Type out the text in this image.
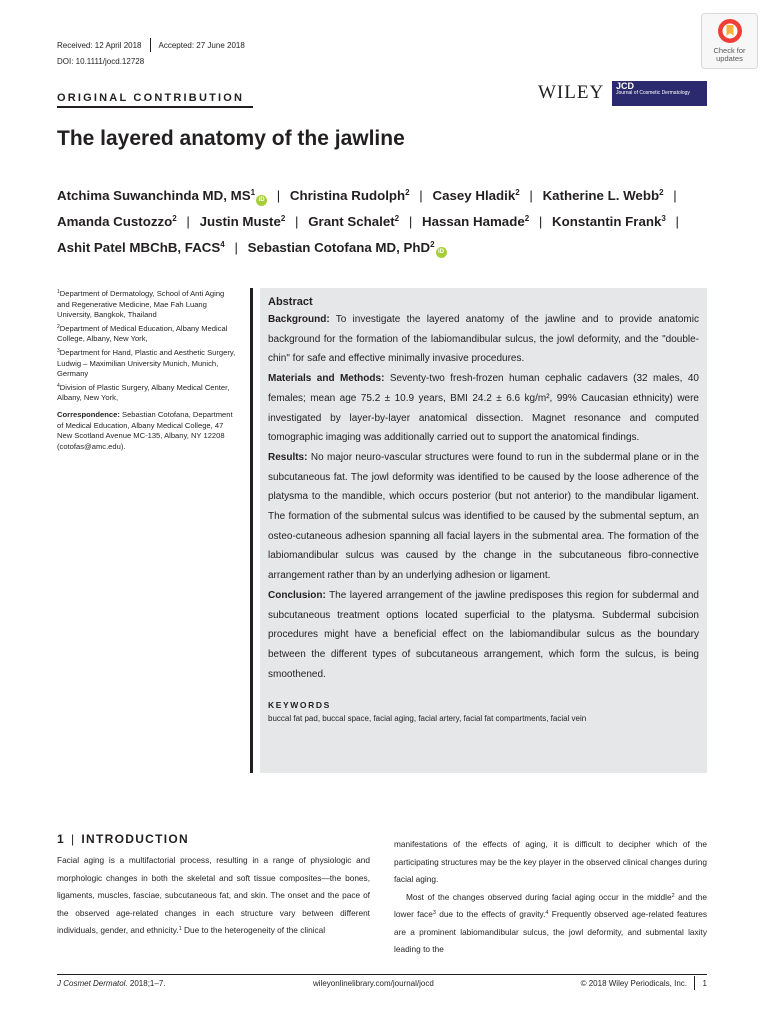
Received: 12 April 2018 Accepted: 27 June 2018
DOI: 10.1111/jocd.12728
Check for updates
ORIGINAL CONTRIBUTION	WILEY JCD
Journal of Cosmetic Dermatology
The layered anatomy of the jawline
Atchima Suwanchinda MD, $MS^1iD$ | Christina Rudolph$^2$ | Casey Hladik$^2$ | Katherine L. Webb$^2$ | Amanda Custozzo$^2$ | Justin Muste$^2$ | Grant Schalet$^2$ | Hassan Hamade$^2$ | Konstantin Frank$^3$ | Ashit Patel MBChB, FACS$^4$ | Sebastian Cotofana MD, PhD$^2$iD

$^1$Department of Dermatology, School of Anti Aging and Regenerative Medicine, Mae Fah Luang University, Bangkok, Thailand

$^2$Department of Medical Education, Albany Medical College, Albany, New York,

$^3$Department for Hand, Plastic and Aesthetic Surgery, Ludwig – Maximilian University Munich, Munich, Germany

$^4$Division of Plastic Surgery, Albany Medical Center, Albany, New York,

Correspondence: Sebastian Cotofana, Department of Medical Education, Albany Medical College, 47 New Scotland Avenue MC-135, Albany, NY 12208 (cotofas@amc.edu).

Abstract

Background: To investigate the layered anatomy of the jawline and to provide anatomic background for the formation of the labiomandibular sulcus, the jowl deformity, and the "double-chin" for safe and effective minimally invasive procedures.

Materials and Methods: Seventy-two fresh-frozen human cephalic cadavers (32 males, 40 females; mean age 75.2 ± 10.9 years, BMI 24.2 ± 6.6 kg/m², 99% Caucasian ethnicity) were investigated by layer-by-layer anatomical dissection. Magnet resonance and computed tomographic imaging was additionally carried out to support the anatomical findings.

Results: No major neuro-vascular structures were found to run in the subdermal plane or in the subcutaneous fat. The jowl deformity was identified to be caused by the loose adherence of the platysma to the mandible, which occurs posterior (but not anterior) to the mandibular ligament. The formation of the submental sulcus was identified to be caused by the submental septum, an osteo-cutaneous adhesion spanning all facial layers in the submental area. The formation of the labiomandibular sulcus was caused by the change in the subcutaneous fibro-connective arrangement rather than by an underlying adhesion or ligament.

Conclusion: The layered arrangement of the jawline predisposes this region for subdermal and subcutaneous treatment options located superficial to the platysma. Subdermal subcision procedures might have a beneficial effect on the labiomandibular sulcus as the boundary between the different types of subcutaneous arrangement, which form the sulcus, is being smoothened.

KEYWORDS
buccal fat pad, buccal space, facial aging, facial artery, facial fat compartments, facial vein
1 | INTRODUCTION

Facial aging is a multifactorial process, resulting in a range of physiologic and morphologic changes in both the skeletal and soft tissue composites—the bones, ligaments, muscles, fasciae, subcutaneous fat, and skin. The onset and the pace of the observed age-related changes in each structure vary between different individuals, gender, and ethnicity.$^1$ Due to the heterogeneity of the clinical

manifestations of the effects of aging, it is difficult to decipher which of the participating structures may be the key player in the observed clinical changes during facial aging.

Most of the changes observed during facial aging occur in the middle$^2$ and the lower face$^3$ due to the effects of gravity.$^4$ Frequently observed age-related features are a prominent labiomandibular sulcus, the jowl deformity, and submental laxity leading to the

J Cosmet Dermatol. 2018;1–7.	wileyonlinelibrary.com/journal/jocd	© 2018 Wiley Periodicals, Inc. 1
